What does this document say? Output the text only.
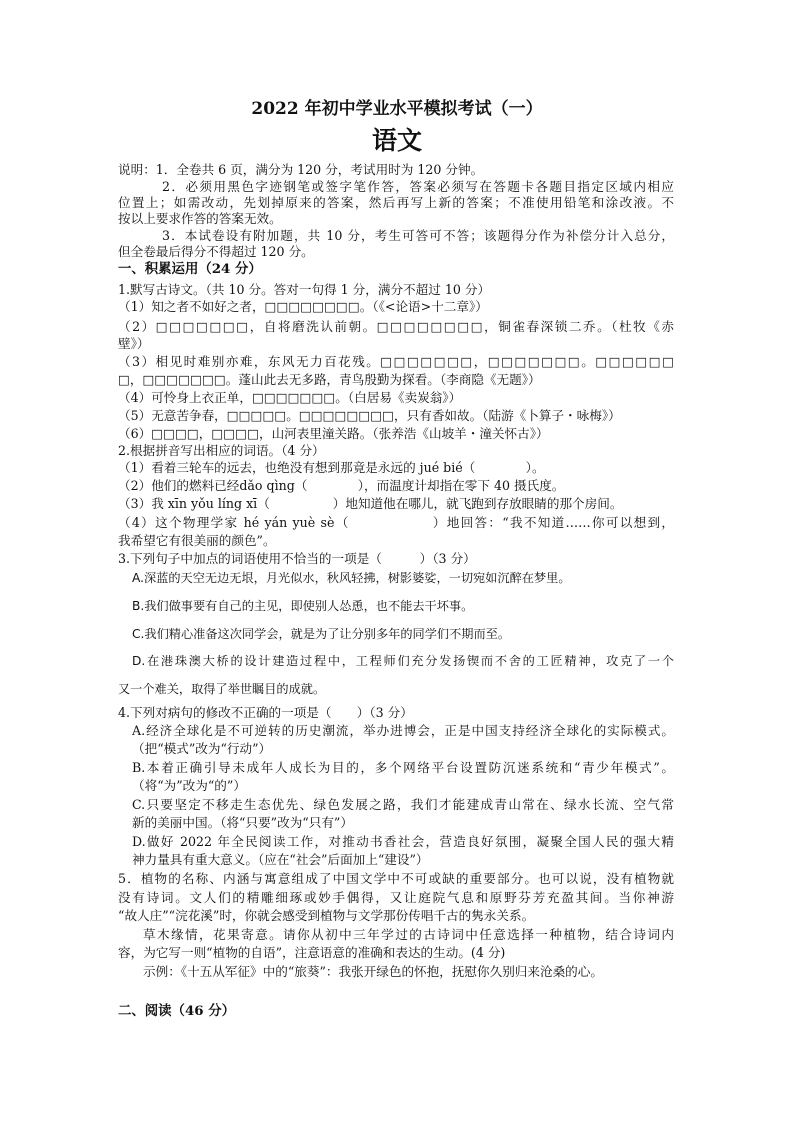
2022 年初中学业水平模拟考试（一）
语文
说明：1．全卷共 6 页，满分为 120 分，考试用时为 120 分钟。
2．必须用黑色字迹钢笔或签字笔作答，答案必须写在答题卡各题目指定区域内相应
位置上；如需改动，先划掉原来的答案，然后再写上新的答案；不准使用铅笔和涂改液。不
按以上要求作答的答案无效。
3．本试卷设有附加题，共 10 分，考生可答可不答；该题得分作为补偿分计入总分，
但全卷最后得分不得超过 120 分。
一、积累运用（24 分）
1.默写古诗文。（共 10 分。答对一句得 1 分，满分不超过 10 分）
（1）知之者不如好之者，□□□□□□□□。（《<论语>十二章》）
（2）□□□□□□□，自将磨洗认前朝。□□□□□□□□，铜雀春深锁二乔。（杜牧《赤
壁》）
（3）相见时难别亦难，东风无力百花残。□□□□□□□，□□□□□□□。□□□□□□
□，□□□□□□□。蓬山此去无多路，青鸟殷勤为探看。（李商隐《无题》）
（4）可怜身上衣正单，□□□□□□□。（白居易《卖炭翁》）
（5）无意苦争春，□□□□□。□□□□□□□□，只有香如故。（陆游《卜算子・咏梅》）
（6）□□□□，□□□□，山河表里潼关路。（张养浩《山坡羊・潼关怀古》）
2.根据拼音写出相应的词语。（4 分）
（1）看着三轮车的远去，也绝没有想到那竟是永远的 jué bié（　　　　）。
（2）他们的燃料已经dǎo qìng（　　　　），而温度计却指在零下 40 摄氏度。
（3）我 xīn yǒu líng xī（　　　　　）地知道他在哪儿，就飞跑到存放眼睛的那个房间。
（4）这个物理学家 hé yán yuè sè（　　　　　　）地回答：“我不知道……你可以想到，
我希望它有很美丽的颜色”。
3.下列句子中加点的词语使用不恰当的一项是（　　　）（3 分）
A.深蓝的天空无边无垠，月光似水，秋风轻拂，树影婆娑，一切宛如沉醉在梦里。
B.我们做事要有自己的主见，即使别人怂恿，也不能去干坏事。
C.我们精心准备这次同学会，就是为了让分别多年的同学们不期而至。
D.在港珠澳大桥的设计建造过程中，工程师们充分发扬锲而不舍的工匠精神，攻克了一个
又一个难关，取得了举世瞩目的成就。
4.下列对病句的修改不正确的一项是（　　）（3 分）
A.经济全球化是不可逆转的历史潮流，举办进博会，正是中国支持经济全球化的实际模式。
（把“模式”改为“行动”）
B.本着正确引导未成年人成长为目的，多个网络平台设置防沉迷系统和“青少年模式”。
（将“为”改为“的”）
C.只要坚定不移走生态优先、绿色发展之路，我们才能建成青山常在、绿水长流、空气常
新的美丽中国。（将“只要”改为“只有”）
D.做好 2022 年全民阅读工作，对推动书香社会，营造良好氛围，凝聚全国人民的强大精
神力量具有重大意义。（应在“社会”后面加上“建设”）
5．植物的名称、内涵与寓意组成了中国文学中不可或缺的重要部分。也可以说，没有植物就
没有诗词。文人们的精雕细琢或妙手偶得，又让庭院气息和原野芬芳充盈其间。当你神游
“故人庄”“浣花溪”时，你就会感受到植物与文学那份传唱千古的隽永关系。
草木缘情，花果寄意。请你从初中三年学过的古诗词中任意选择一种植物，结合诗词内
容，为它写一则“植物的自语”，注意语意的准确和表达的生动。(4 分)
示例：《十五从军征》中的“旅葵”：我张开绿色的怀抱，抚慰你久别归来沧桑的心。
二、阅读（46 分）
